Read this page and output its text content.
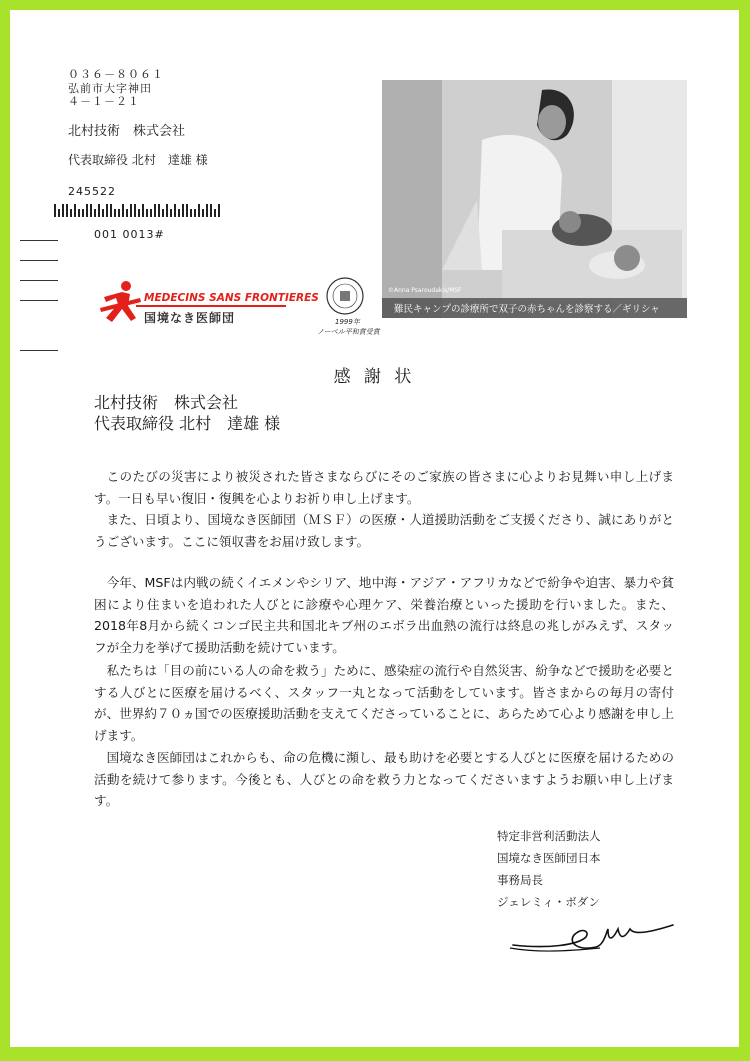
０３６－８０６１
弘前市大字神田
４－１－２１
北村技術　株式会社
代表取締役 北村　達雄 様
245522
001 0013#
MEDECINS SANS FRONTIERES
国境なき医師団	1999年
ノーベル平和賞受賞
©Anna Psaroudakis/MSF
難民キャンプの診療所で双子の赤ちゃんを診察する／ギリシャ
感 謝 状
北村技術　株式会社
代表取締役 北村　達雄 様

このたびの災害により被災された皆さまならびにそのご家族の皆さまに心よりお見舞い申し上げます。一日も早い復旧・復興を心よりお祈り申し上げます。

また、日頃より、国境なき医師団（ＭＳＦ）の医療・人道援助活動をご支援くださり、誠にありがとうございます。ここに領収書をお届け致します。

今年、MSFは内戦の続くイエメンやシリア、地中海・アジア・アフリカなどで紛争や迫害、暴力や貧困により住まいを追われた人びとに診療や心理ケア、栄養治療といった援助を行いました。また、2018年8月から続くコンゴ民主共和国北キブ州のエボラ出血熱の流行は終息の兆しがみえず、スタッフが全力を挙げて援助活動を続けています。

私たちは「目の前にいる人の命を救う」ために、感染症の流行や自然災害、紛争などで援助を必要とする人びとに医療を届けるべく、スタッフ一丸となって活動をしています。皆さまからの毎月の寄付が、世界約７０ヵ国での医療援助活動を支えてくださっていることに、あらためて心より感謝を申し上げます。

国境なき医師団はこれからも、命の危機に瀕し、最も助けを必要とする人びとに医療を届けるための活動を続けて参ります。今後とも、人びとの命を救う力となってくださいますようお願い申し上げます。

特定非営利活動法人
国境なき医師団日本
事務局長
ジェレミィ・ボダン
